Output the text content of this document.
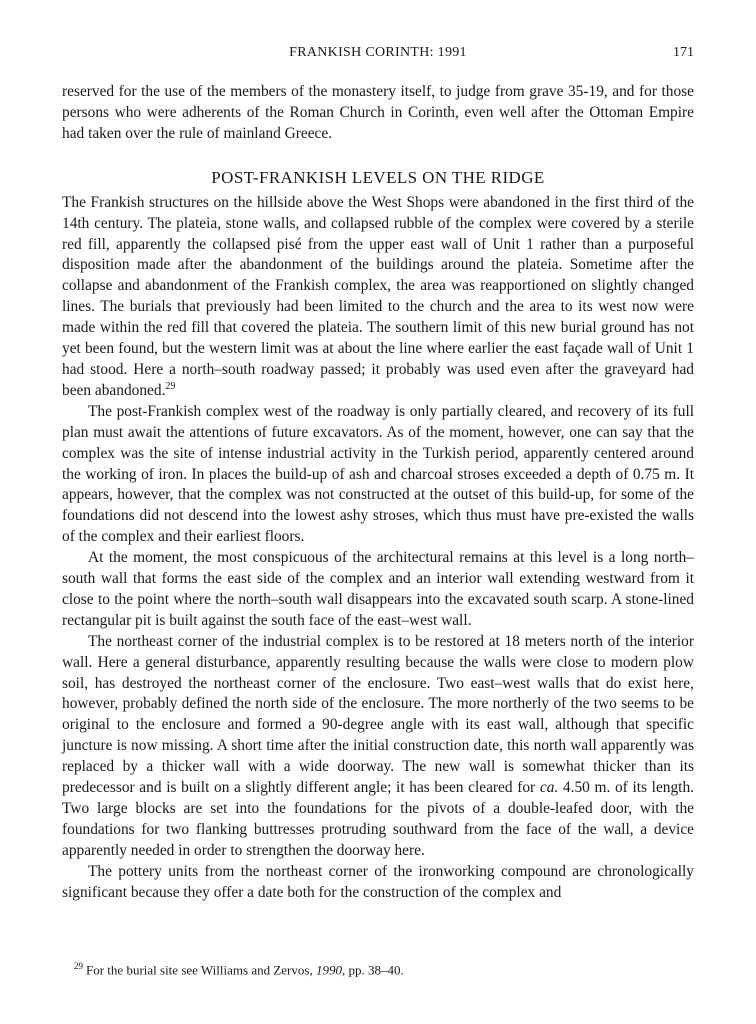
FRANKISH CORINTH: 1991	171

reserved for the use of the members of the monastery itself, to judge from grave 35-19, and for those persons who were adherents of the Roman Church in Corinth, even well after the Ottoman Empire had taken over the rule of mainland Greece.

POST-FRANKISH LEVELS ON THE RIDGE

The Frankish structures on the hillside above the West Shops were abandoned in the first third of the 14th century. The plateia, stone walls, and collapsed rubble of the complex were covered by a sterile red fill, apparently the collapsed pisé from the upper east wall of Unit 1 rather than a purposeful disposition made after the abandonment of the buildings around the plateia. Sometime after the collapse and abandonment of the Frankish complex, the area was reapportioned on slightly changed lines. The burials that previously had been limited to the church and the area to its west now were made within the red fill that covered the plateia. The southern limit of this new burial ground has not yet been found, but the western limit was at about the line where earlier the east façade wall of Unit 1 had stood. Here a north–south roadway passed; it probably was used even after the graveyard had been abandoned.$^{29}$

The post-Frankish complex west of the roadway is only partially cleared, and recovery of its full plan must await the attentions of future excavators. As of the moment, however, one can say that the complex was the site of intense industrial activity in the Turkish period, apparently centered around the working of iron. In places the build-up of ash and charcoal stroses exceeded a depth of 0.75 m. It appears, however, that the complex was not constructed at the outset of this build-up, for some of the foundations did not descend into the lowest ashy stroses, which thus must have pre-existed the walls of the complex and their earliest floors.

At the moment, the most conspicuous of the architectural remains at this level is a long north–south wall that forms the east side of the complex and an interior wall extending westward from it close to the point where the north–south wall disappears into the excavated south scarp. A stone-lined rectangular pit is built against the south face of the east–west wall.

The northeast corner of the industrial complex is to be restored at 18 meters north of the interior wall. Here a general disturbance, apparently resulting because the walls were close to modern plow soil, has destroyed the northeast corner of the enclosure. Two east–west walls that do exist here, however, probably defined the north side of the enclosure. The more northerly of the two seems to be original to the enclosure and formed a 90-degree angle with its east wall, although that specific juncture is now missing. A short time after the initial construction date, this north wall apparently was replaced by a thicker wall with a wide doorway. The new wall is somewhat thicker than its predecessor and is built on a slightly different angle; it has been cleared for ca. 4.50 m. of its length. Two large blocks are set into the foundations for the pivots of a double-leafed door, with the foundations for two flanking buttresses protruding southward from the face of the wall, a device apparently needed in order to strengthen the doorway here.

The pottery units from the northeast corner of the ironworking compound are chronologically significant because they offer a date both for the construction of the complex and

$^{29}$ For the burial site see Williams and Zervos, 1990, pp. 38–40.
